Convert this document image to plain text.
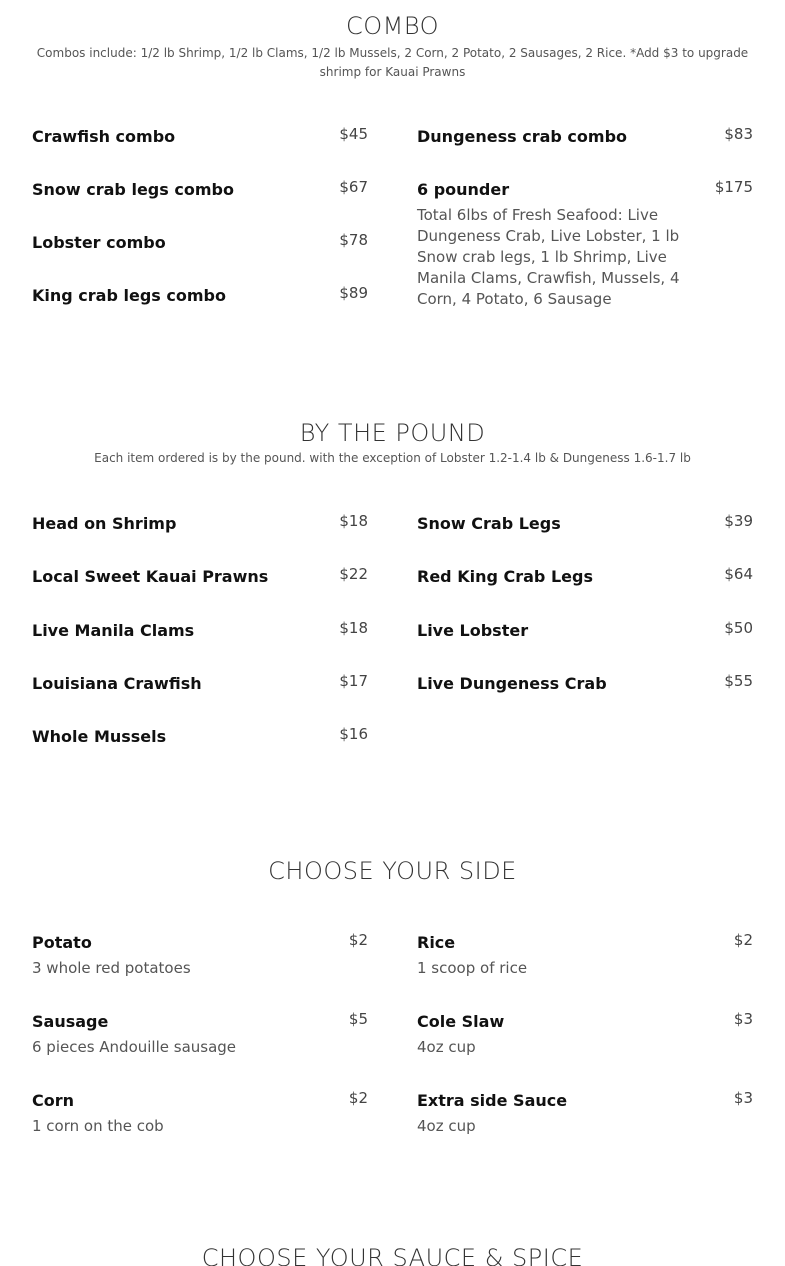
COMBO

Combos include: 1/2 lb Shrimp, 1/2 lb Clams, 1/2 lb Mussels, 2 Corn, 2 Potato, 2 Sausages, 2 Rice. *Add $3 to upgrade shrimp for Kauai Prawns

Crawfish combo	$45
Snow crab legs combo	$67
Lobster combo	$78
King crab legs combo	$89
Dungeness crab combo	$83
6 pounder	$175
Total 6lbs of Fresh Seafood: Live Dungeness Crab, Live Lobster, 1 lb Snow crab legs, 1 lb Shrimp, Live Manila Clams, Crawfish, Mussels, 4 Corn, 4 Potato, 6 Sausage
BY THE POUND

Each item ordered is by the pound. with the exception of Lobster 1.2-1.4 lb & Dungeness 1.6-1.7 lb

Head on Shrimp	$18
Local Sweet Kauai Prawns	$22
Live Manila Clams	$18
Louisiana Crawfish	$17
Whole Mussels	$16
Snow Crab Legs	$39
Red King Crab Legs	$64
Live Lobster	$50
Live Dungeness Crab	$55
CHOOSE YOUR SIDE
Potato	$2
3 whole red potatoes
Sausage	$5
6 pieces Andouille sausage
Corn	$2
1 corn on the cob
Rice	$2
1 scoop of rice
Cole Slaw	$3
4oz cup
Extra side Sauce	$3
4oz cup
CHOOSE YOUR SAUCE & SPICE
